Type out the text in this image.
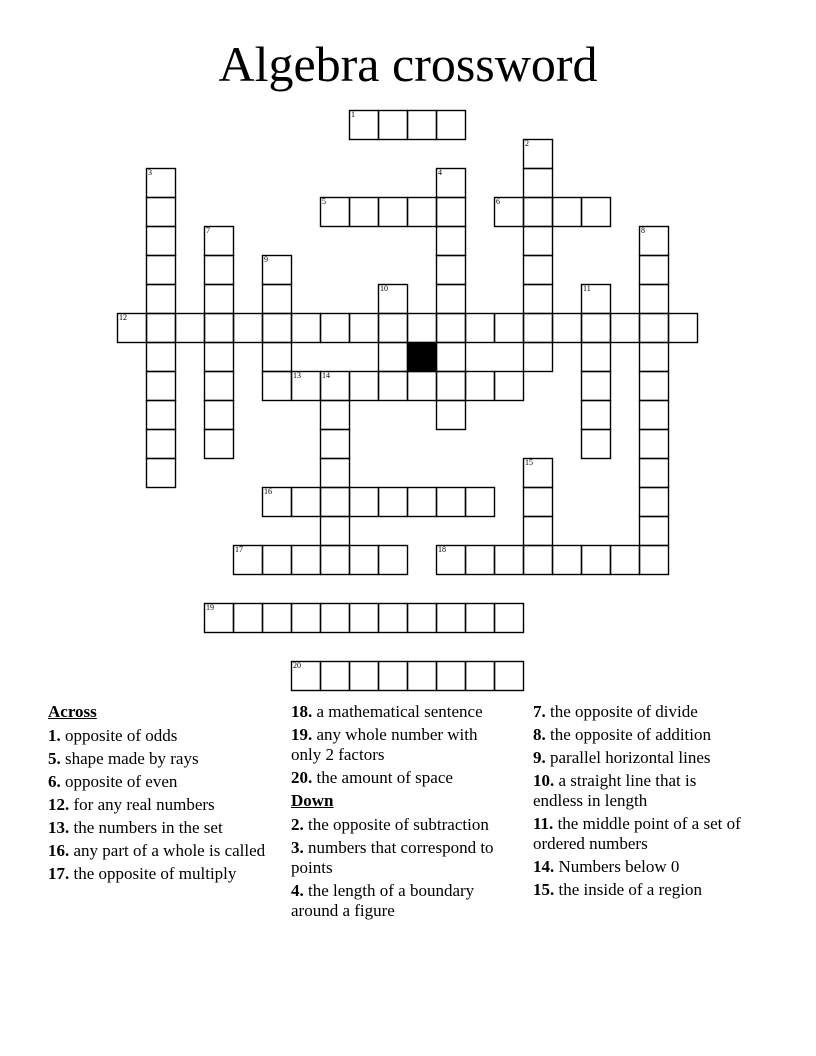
Algebra crossword
1
2
3	4
5	6
7	8
9
10	11
12
13	14
15
16
17	18
19
20
Across
1. opposite of odds
5. shape made by rays
6. opposite of even
12. for any real numbers
13. the numbers in the set
16. any part of a whole is called
17. the opposite of multiply
18. a mathematical sentence
19. any whole number with only 2 factors
20. the amount of space
Down
2. the opposite of subtraction
3. numbers that correspond to points
4. the length of a boundary around a figure
7. the opposite of divide
8. the opposite of addition
9. parallel horizontal lines
10. a straight line that is endless in length
11. the middle point of a set of ordered numbers
14. Numbers below 0
15. the inside of a region
